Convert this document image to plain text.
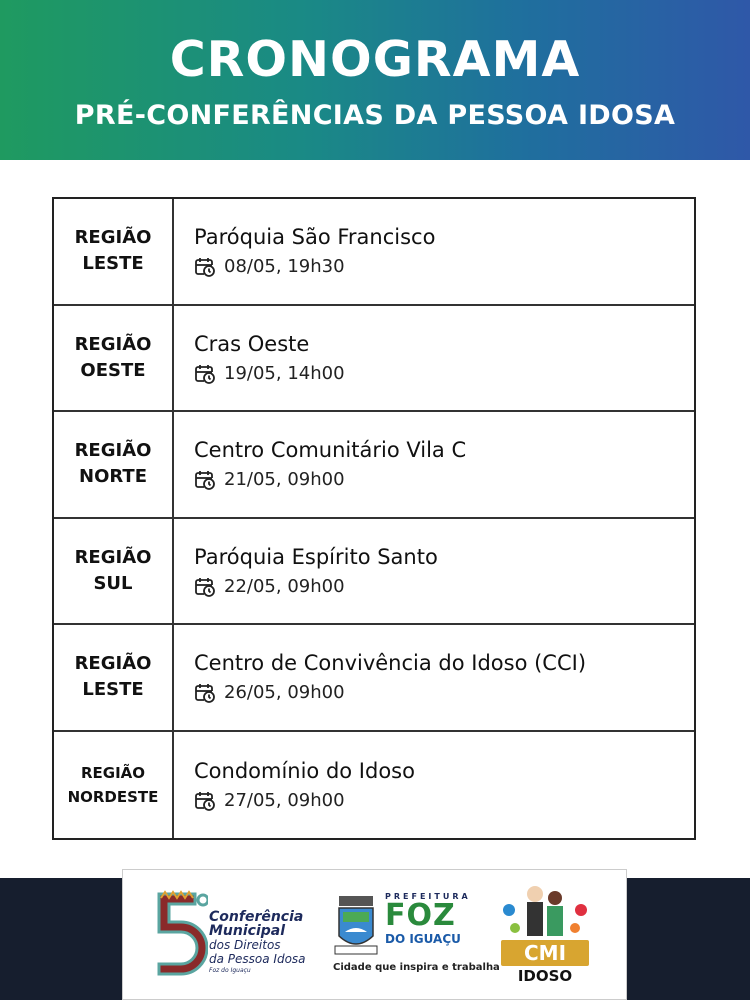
CRONOGRAMA
PRÉ-CONFERÊNCIAS DA PESSOA IDOSA
REGIÃO
LESTE
Paróquia São Francisco
08/05, 19h30
REGIÃO
OESTE
Cras Oeste
19/05, 14h00
REGIÃO
NORTE
Centro Comunitário Vila C
21/05, 09h00
REGIÃO
SUL
Paróquia Espírito Santo
22/05, 09h00
REGIÃO
LESTE
Centro de Convivência do Idoso (CCI)
26/05, 09h00
REGIÃO
NORDESTE
Condomínio do Idoso
27/05, 09h00
Conferência
Municipal
dos Direitos
da Pessoa Idosa
Foz do Iguaçu
PREFEITURA
FOZ
DO IGUAÇU
Cidade que inspira e trabalha
CMI
IDOSO
